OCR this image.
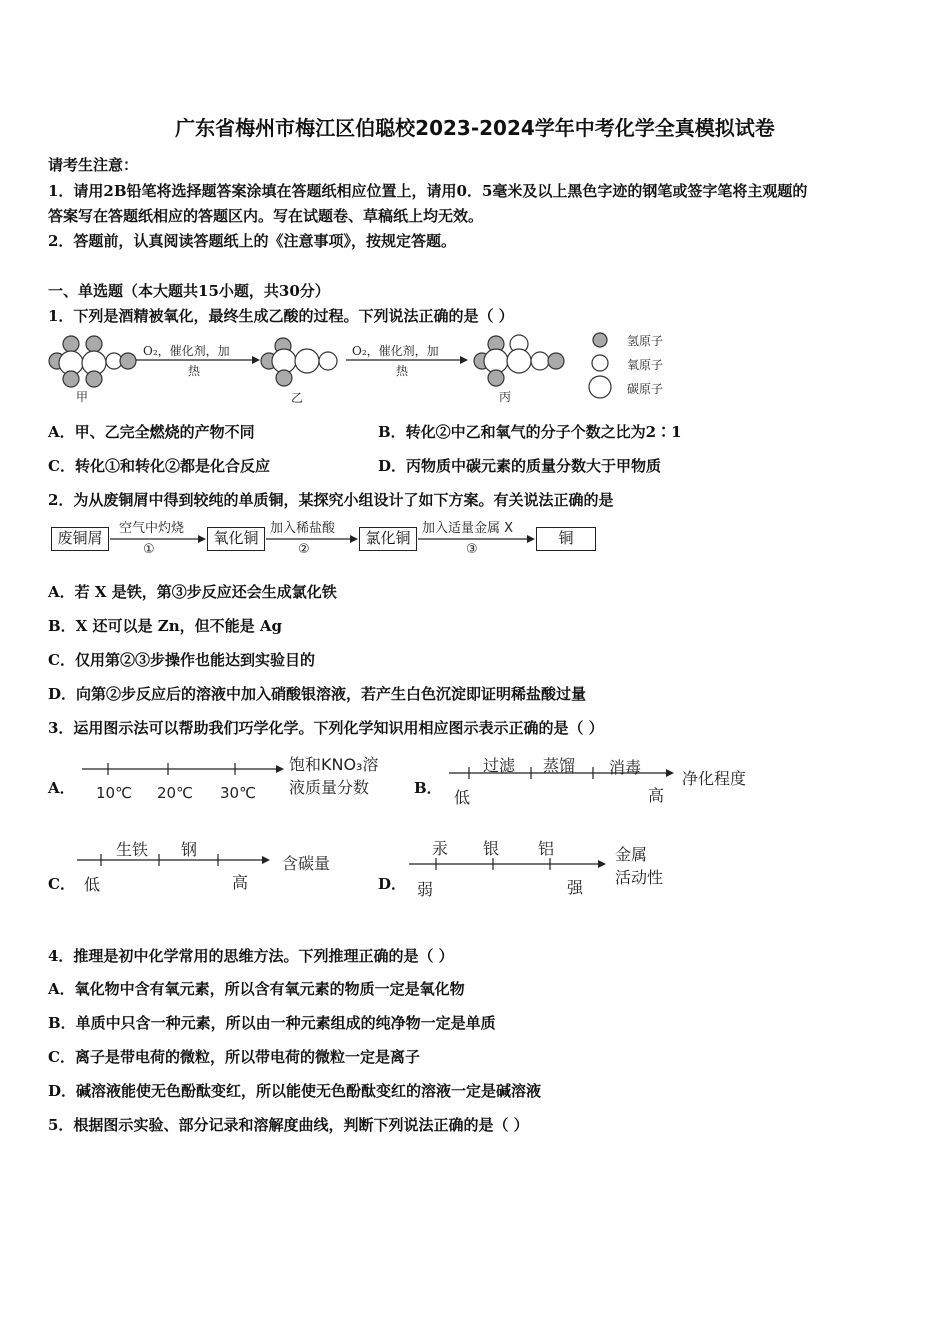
广东省梅州市梅江区伯聪校2023-2024学年中考化学全真模拟试卷
请考生注意：
1．请用2B铅笔将选择题答案涂填在答题纸相应位置上，请用0．5毫米及以上黑色字迹的钢笔或签字笔将主观题的
答案写在答题纸相应的答题区内。写在试题卷、草稿纸上均无效。
2．答题前，认真阅读答题纸上的《注意事项》，按规定答题。
一、单选题（本大题共15小题，共30分）
1．下列是酒精被氧化，最终生成乙酸的过程。下列说法正确的是（ ）
O₂，催化剂，加
热
O₂，催化剂，加
热
甲	乙	丙
氢原子
氧原子
碳原子
A．甲、乙完全燃烧的产物不同	B．转化②中乙和氧气的分子个数之比为2∶1
C．转化①和转化②都是化合反应	D．丙物质中碳元素的质量分数大于甲物质
2．为从废铜屑中得到较纯的单质铜，某探究小组设计了如下方案。有关说法正确的是
废铜屑	氧化铜	氯化铜	铜
空气中灼烧
①
加入稀盐酸
②
加入适量金属 X
③
A．若 X 是铁，第③步反应还会生成氯化铁
B．X 还可以是 Zn，但不能是 Ag
C．仅用第②③步操作也能达到实验目的
D．向第②步反应后的溶液中加入硝酸银溶液，若产生白色沉淀即证明稀盐酸过量
3．运用图示法可以帮助我们巧学化学。下列化学知识用相应图示表示正确的是（ ）
A． 10℃ 20℃ 30℃
饱和KNO₃溶
液质量分数	B．
过滤 蒸馏 消毒
低	高
净化程度
C．
生铁 钢
低	高
含碳量
D．
汞 银 铝
弱	强
金属
活动性
4．推理是初中化学常用的思维方法。下列推理正确的是（ ）
A．氧化物中含有氧元素，所以含有氧元素的物质一定是氧化物
B．单质中只含一种元素，所以由一种元素组成的纯净物一定是单质
C．离子是带电荷的微粒，所以带电荷的微粒一定是离子
D．碱溶液能使无色酚酞变红，所以能使无色酚酞变红的溶液一定是碱溶液
5．根据图示实验、部分记录和溶解度曲线，判断下列说法正确的是（ ）
